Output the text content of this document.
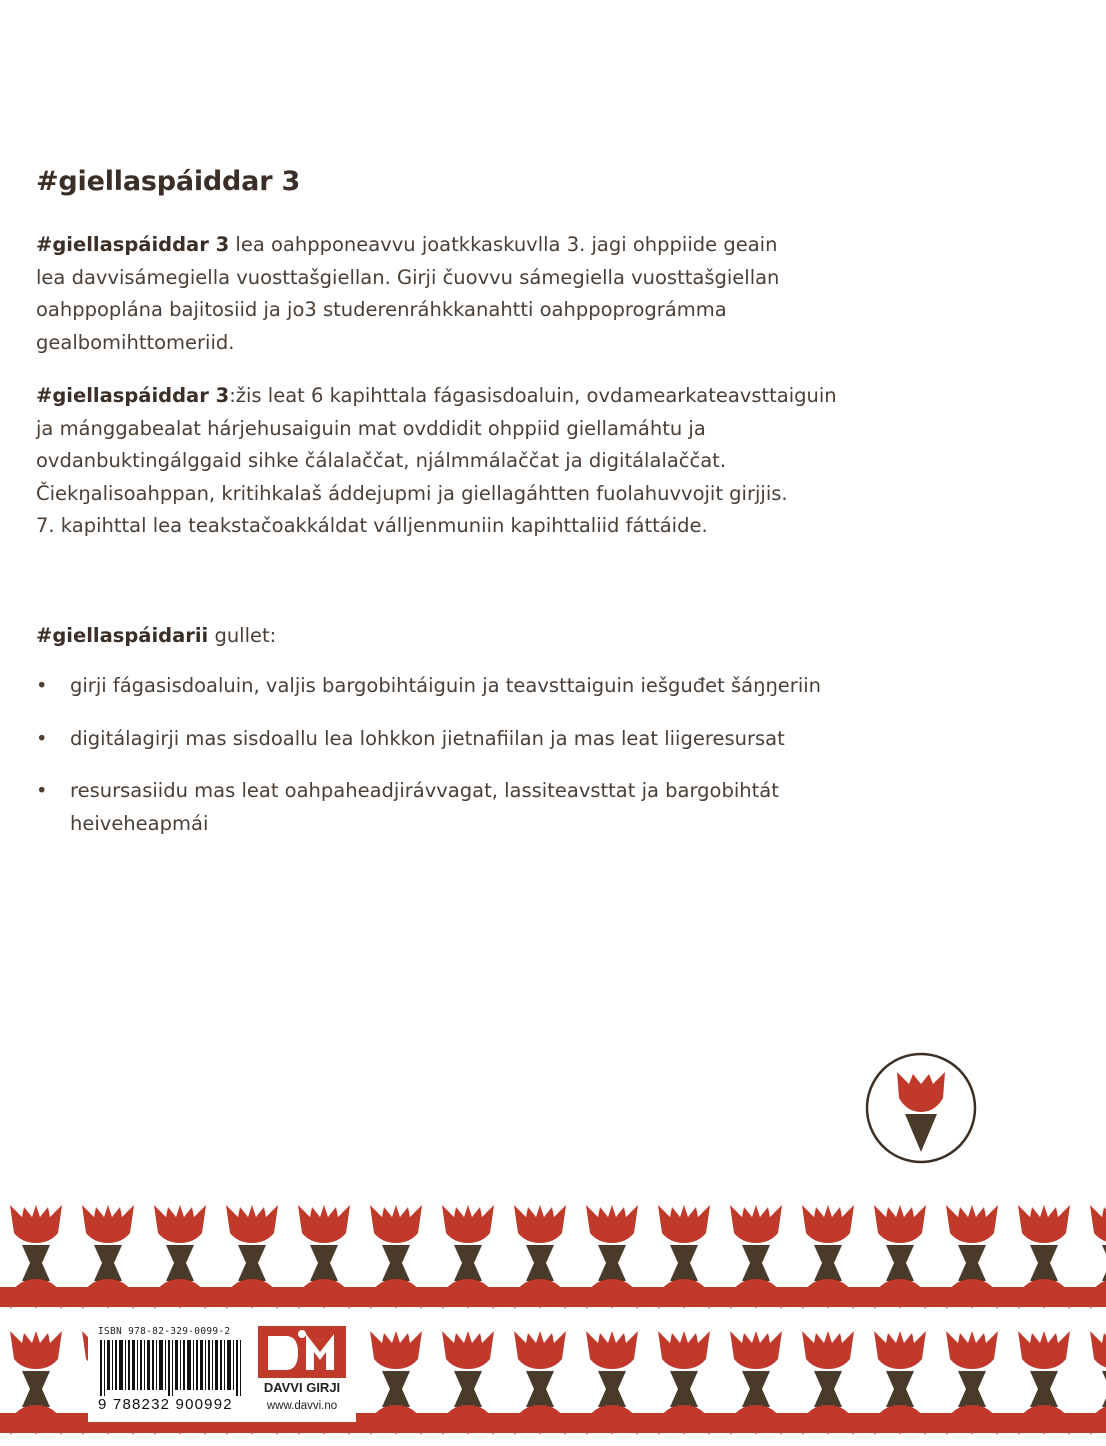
#giellaspáiddar 3

#giellaspáiddar 3 lea oahpponeavvu joatkkaskuvlla 3. jagi ohppiide geain
lea davvisámegiella vuosttašgiellan. Girji čuovvu sámegiella vuosttašgiellan
oahppoplána bajitosiid ja jo3 studerenráhkkanahtti oahppoprográmma
gealbomihttomeriid.

#giellaspáiddar 3:žis leat 6 kapihttala fágasisdoaluin, ovdamearkateavsttaiguin
ja mánggabealat hárjehusaiguin mat ovddidit ohppiid giellamáhtu ja
ovdanbuktingálggaid sihke čálalaččat, njálmmálaččat ja digitálalaččat.
Čiekŋalisoahppan, kritihkalaš áddejupmi ja giellagáhtten fuolahuvvojit girjjis.
7. kapihttal lea teakstačoakkáldat válljenmuniin kapihttaliid fáttáide.

#giellaspáidarii gullet:

• girji fágasisdoaluin, valjis bargobihtáiguin ja teavsttaiguin iešguđet šáŋŋeriin
• digitálagirji mas sisdoallu lea lohkkon jietnafiilan ja mas leat liigeresursat
• resursasiidu mas leat oahpaheadjirávvagat, lassiteavsttat ja bargobihtát
heiveheapmái

ISBN 978-82-329-0099-2

9 788232 900992

DAVVI GIRJI

www.davvi.no
